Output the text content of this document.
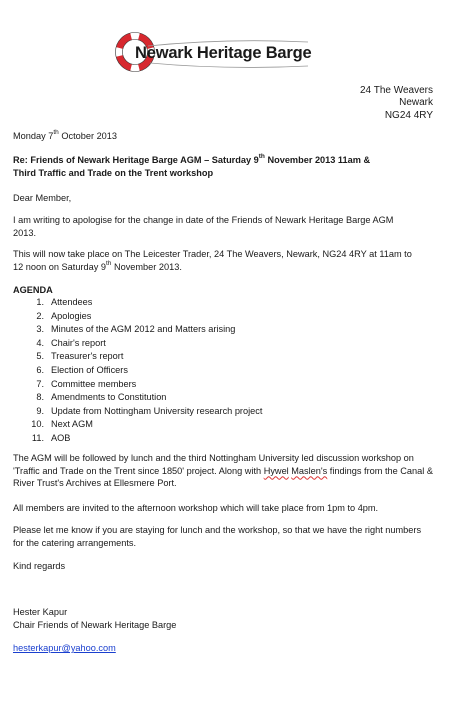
Newark Heritage Barge
24 The Weavers
Newark
NG24 4RY
Monday 7th October 2013
Re: Friends of Newark Heritage Barge AGM – Saturday 9th November 2013 11am &
Third Traffic and Trade on the Trent workshop
Dear Member,
I am writing to apologise for the change in date of the Friends of Newark Heritage Barge AGM 2013.
This will now take place on The Leicester Trader, 24 The Weavers, Newark, NG24 4RY at 11am to 12 noon on Saturday 9th November 2013.
AGENDA
1. Attendees
2. Apologies
3. Minutes of the AGM 2012 and Matters arising
4. Chair's report
5. Treasurer's report
6. Election of Officers
7. Committee members
8. Amendments to Constitution
9. Update from Nottingham University research project
10. Next AGM
11. AOB
The AGM will be followed by lunch and the third Nottingham University led discussion workshop on 'Traffic and Trade on the Trent since 1850' project. Along with Hywel Maslen's findings from the Canal & River Trust's Archives at Ellesmere Port.
All members are invited to the afternoon workshop which will take place from 1pm to 4pm.
Please let me know if you are staying for lunch and the workshop, so that we have the right numbers for the catering arrangements.
Kind regards
Hester Kapur
Chair Friends of Newark Heritage Barge
hesterkapur@yahoo.com
